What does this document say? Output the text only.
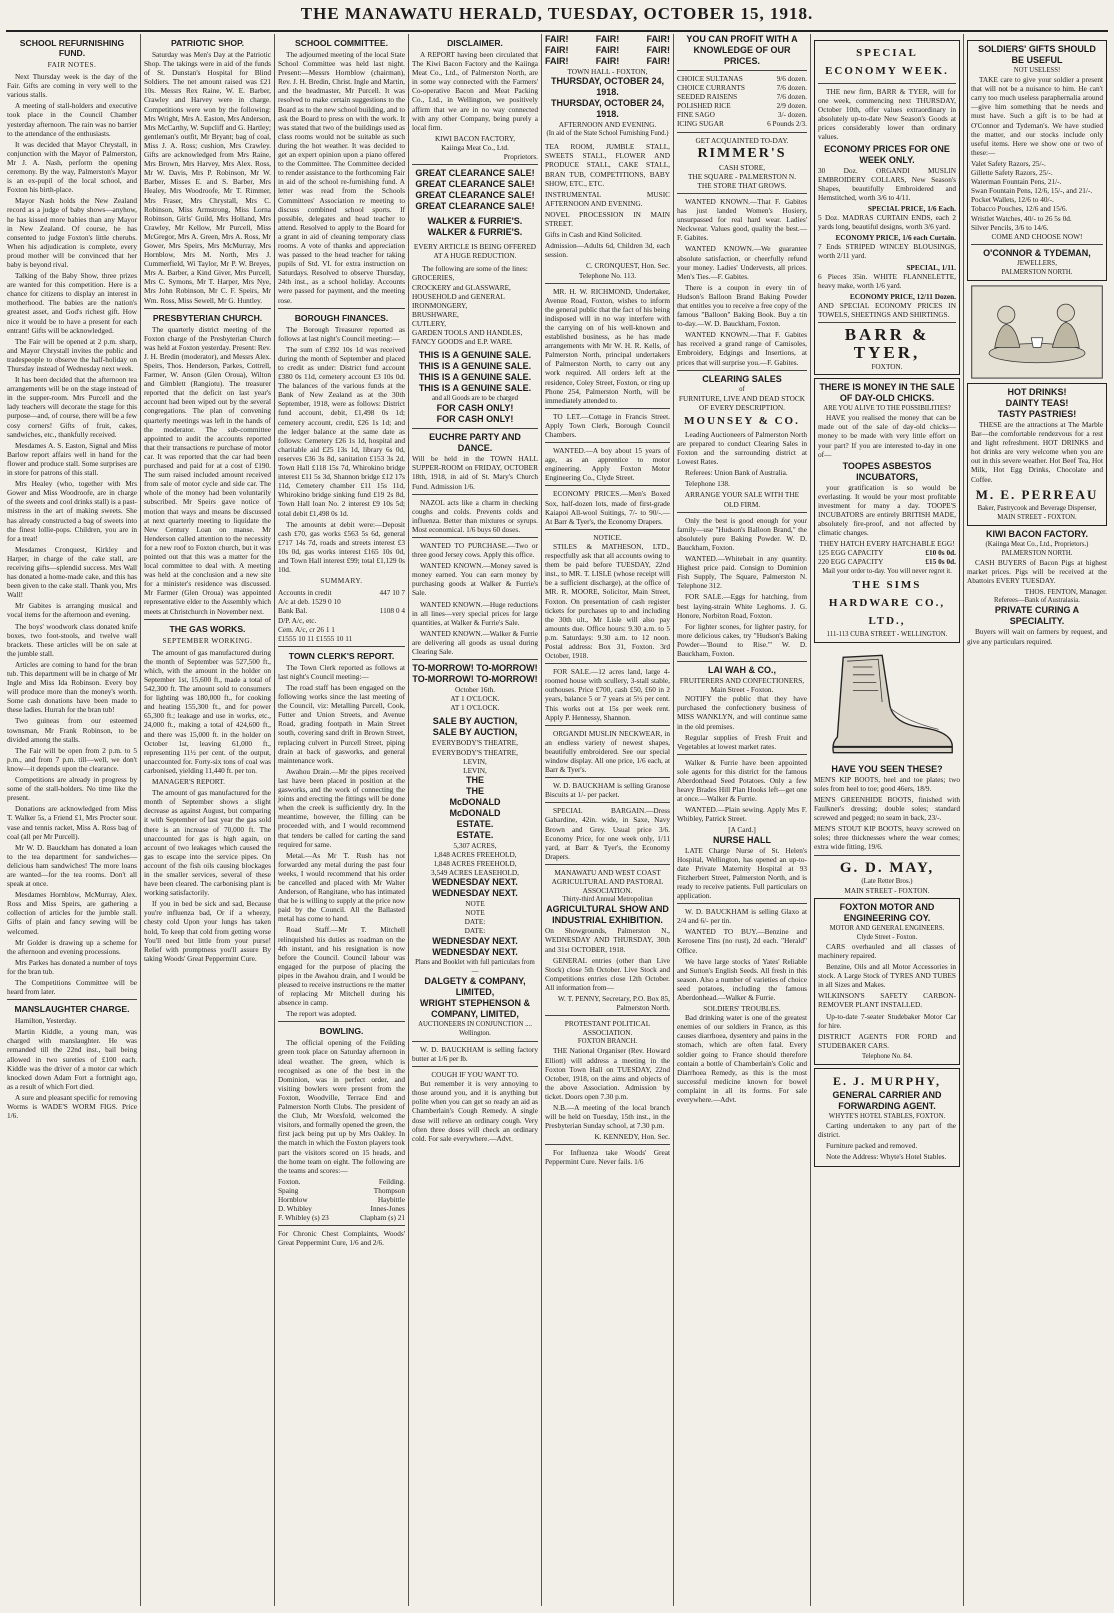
THE MANAWATU HERALD, TUESDAY, OCTOBER 15, 1918.
SCHOOL REFURNISHING FUND.
FAIR NOTES.

Next Thursday week is the day of the Fair. Gifts are coming in very well to the various stalls.

A meeting of stall-holders and executive took place in the Council Chamber yesterday afternoon. The rain was no barrier to the attendance of the enthusiasts.

It was decided that Mayor Chrystall, in conjunction with the Mayor of Palmerston, Mr J. A. Nash, perform the opening ceremony. By the way, Palmerston's Mayor is an ex-pupil of the local school, and Foxton his birth-place.

Mayor Nash holds the New Zealand record as a judge of baby shows—anyhow, he has kissed more babies than any Mayor in New Zealand. Of course, he has consented to judge Foxton's little cherubs. When his adjudication is complete, every proud mother will be convinced that her baby is beyond rival.

Talking of the Baby Show, three prizes are wanted for this competition. Here is a chance for citizens to display an interest in motherhood. The babies are the nation's greatest asset, and God's richest gift. How nice it would be to have a present for each entrant! Gifts will be acknowledged.

The Fair will be opened at 2 p.m. sharp, and Mayor Chrystall invites the public and tradespeople to observe the half-holiday on Thursday instead of Wednesday next week.

It has been decided that the afternoon tea arrangements will be on the stage instead of in the supper-room. Mrs Purcell and the lady teachers will decorate the stage for this purpose—and, of course, there will be a few cosy corners! Gifts of fruit, cakes, sandwiches, etc., thankfully received.

Mesdames A. S. Easton, Signal and Miss Barlow report affairs well in hand for the flower and produce stall. Some surprises are in store for patrons of this stall.

Mrs Healey (who, together with Mrs Gower and Miss Woodroofe, are in charge of the sweets and cool drinks stall) is a past-mistress in the art of making sweets. She has already constructed a bag of sweets into the finest lollie-pops. Children, you are in for a treat!

Mesdames Cronquest, Kirkley and Harper, in charge of the cake stall, are receiving gifts—splendid success. Mrs Wall has donated a home-made cake, and this has been given to the cake stall. Thank you, Mrs Wall!

Mr Gabites is arranging musical and vocal items for the afternoon and evening.

The boys' woodwork class donated knife boxes, two foot-stools, and twelve wall brackets. These articles will be on sale at the jumble stall.

Articles are coming to hand for the bran tub. This department will be in charge of Mr Ingle and Miss Ida Robinson. Every boy will produce more than the money's worth. Some cash donations have been made to these ladies. Hurrah for the bran tub!

Two guineas from our esteemed townsman, Mr Frank Robinson, to be divided among the stalls.

The Fair will be open from 2 p.m. to 5 p.m., and from 7 p.m. till—well, we don't know—it depends upon the clearance.

Competitions are already in progress by some of the stall-holders. No time like the present.

Donations are acknowledged from Miss T. Walker 5s, a Friend £1, Mrs Procter sour. vase and tennis racket, Miss A. Ross bag of coal (all per Mr Purcell).

Mr W. D. Bauckham has donated a loan to the tea department for sandwiches—delicious ham sandwiches! The more loans are wanted—for the tea rooms. Don't all speak at once.

Mesdames Hornblow, McMurray, Alex. Ross and Miss Speirs, are gathering a collection of articles for the jumble stall. Gifts of plain and fancy sewing will be welcomed.

Mr Golder is drawing up a scheme for the afternoon and evening processions.

Mrs Parkes has donated a number of toys for the bran tub.

The Competitions Committee will be heard from later.

MANSLAUGHTER CHARGE.

Hamilton, Yesterday.

Martin Kiddle, a young man, was charged with manslaughter. He was remanded till the 22nd inst., bail being allowed in two sureties of £100 each. Kiddle was the driver of a motor car which knocked down Adam Fort a fortnight ago, as a result of which Fort died.

A sure and pleasant specific for removing Worms is WADE'S WORM FIGS. Price 1/6.

PATRIOTIC SHOP.

Saturday was Men's Day at the Patriotic Shop. The takings were in aid of the funds of St. Dunstan's Hospital for Blind Soldiers. The net amount raised was £21 10s. Messrs Rex Raine, W. E. Barber, Crawley and Harvey were in charge. Competitions were won by the following: Mrs Wright, Mrs A. Easton, Mrs Anderson, Mrs McCarthy, W. Supcliff and G. Hartley; gentleman's outfit, Mr Bryant; bag of coal, Miss J. A. Ross; cushion, Mrs Crawley. Gifts are acknowledged from Mrs Raine, Mrs Brown, Mrs Harvey, Mrs Alex. Ross, Mr W. Davis, Mrs P. Robinson, Mr W. Barber, Misses E. and S. Barber, Mrs Healey, Mrs Woodroofe, Mr T. Rimmer, Mrs Fraser, Mrs Chrystall, Mrs C. Robinson, Miss Armstrong, Miss Lorna Robinson, Girls' Guild, Mrs Holland, Mrs Crawley, Mr Kellow, Mr Purcell, Miss McGregor, Mrs A. Green, Mrs A. Ross, Mr Gower, Mrs Speirs, Mrs McMurray, Mrs Hornblow, Mrs M. North, Mrs J. Cummerfield, Wi Taylor, Mr P. W. Breyes, Mrs A. Barber, a Kind Giver, Mrs Purcell, Mrs C. Symons, Mr T. Harper, Mrs Nye, Mrs John Robinson, Mr C. F. Speirs, Mr Wm. Ross, Miss Sewell, Mr G. Huntley.

PRESBYTERIAN CHURCH.

The quarterly district meeting of the Foxton charge of the Presbyterian Church was held at Foxton yesterday. Present: Rev. J. H. Bredin (moderator), and Messrs Alex. Speirs, Thos. Henderson, Parkes, Cottrell, Farmer, W. Anson (Glen Oroua), Wilton and Gimblett (Rangiotu). The treasurer reported that the deficit on last year's account had been wiped out by the several congregations. The plan of convening quarterly meetings was left in the hands of the moderator. The sub-committee appointed to audit the accounts reported that their transactions re purchase of motor car. It was reported that the car had been purchased and paid for at a cost of £190. The sum raised included amount received from sale of motor cycle and side car. The whole of the money had been voluntarily subscribed. Mr Speirs gave notice of motion that ways and means be discussed at next quarterly meeting to liquidate the New Century Loan on manse. Mr Henderson called attention to the necessity for a new roof to Foxton church, but it was pointed out that this was a matter for the local committee to deal with. A meeting was held at the conclusion and a new site for a minister's residence was discussed. Mr Farmer (Glen Oroua) was appointed representative elder to the Assembly which meets at Christchurch in November next.

THE GAS WORKS.
SEPTEMBER WORKING.

The amount of gas manufactured during the month of September was 527,500 ft., which, with the amount in the holder on September 1st, 15,600 ft., made a total of 542,300 ft. The amount sold to consumers for lighting was 180,000 ft., for cooking and heating 155,300 ft., and for power 65,300 ft.; leakage and use in works, etc., 24,000 ft., making a total of 424,600 ft., and there was 15,000 ft. in the holder on October 1st, leaving 61,000 ft., representing 11½ per cent. of the output, unaccounted for. Forty-six tons of coal was carbonised, yielding 11,440 ft. per ton.

MANAGER'S REPORT.

The amount of gas manufactured for the month of September shows a slight decrease as against August, but comparing it with September of last year the gas sold there is an increase of 70,000 ft. The unaccounted for gas is high again, on account of two leakages which caused the gas to escape into the service pipes. On account of the fish oils causing blockages in the smaller services, several of these have been cleared. The carbonising plant is working satisfactorily.

If you in bed be sick and sad, Because you're influenza bad, Or if a wheezy, chesty cold Upon your lungs has taken hold, To keep that cold from getting worse You'll need but little from your purse! Relief with promptness you'll assure By taking Woods' Great Peppermint Cure.

SCHOOL COMMITTEE.

The adjourned meeting of the local State School Committee was held last night. Present:—Messrs Hornblow (chairman), Rev. J. H. Bredin, Christ. Ingle and Martin, and the headmaster, Mr Purcell. It was resolved to make certain suggestions to the Board as to the new school building, and to ask the Board to press on with the work. It was stated that two of the buildings used as class rooms would not be suitable as such during the hot weather. It was decided to get an expert opinion upon a piano offered to the Committee. The Committee decided to render assistance to the forthcoming Fair in aid of the school re-furnishing fund. A letter was read from the Schools Committees' Association re meeting to discuss combined school sports. If possible, delegates and head teacher to attend. Resolved to apply to the Board for a grant in aid of cleaning temporary class rooms. A vote of thanks and appreciation was passed to the head teacher for taking pupils of Std. VI. for extra instruction on Saturdays. Resolved to observe Thursday, 24th inst., as a school holiday. Accounts were passed for payment, and the meeting rose.

BOROUGH FINANCES.

The Borough Treasurer reported as follows at last night's Council meeting:—

The sum of £392 10s 1d was received during the month of September and placed to credit as under: District fund account £380 0s 11d, cemetery account £3 10s 0d. The balances of the various funds at the Bank of New Zealand as at the 30th September, 1918, were as follows: District fund account, debit, £1,498 0s 1d; cemetery account, credit, £26 1s 1d; and the ledger balance at the same date as follows: Cemetery £26 1s 1d, hospital and charitable aid £25 13s 1d, library 6s 0d, reserves £36 3s 8d, sanitation £153 3s 2d, Town Hall £118 15s 7d, Whirokino bridge interest £11 5s 3d, Shannon bridge £12 17s 11d, Cemetery chamber £11 15s 11d, Whirokino bridge sinking fund £19 2s 8d, Town Hall loan No. 2 interest £9 10s 5d; total debit £1,498 0s 1d.

The amounts at debit were:—Deposit cash £70, gas works £563 5s 6d, general £717 14s 7d, roads and streets interest £3 10s 0d, gas works interest £165 10s 0d, and Town Hall interest £99; total £1,129 0s 10d.

SUMMARY.
Accounts in credit	447 10 7
A/c at deb. 1529 0 10
Bank Bal.	1108 0 4
D/P. A/c, etc.
Cem. A/c, cr 26 1 1
£1555 10 11 £1555 10 11
TOWN CLERK'S REPORT.

The Town Clerk reported as follows at last night's Council meeting:—

The road staff has been engaged on the following works since the last meeting of the Council, viz: Metalling Purcell, Cook, Futter and Union Streets, and Avenue Road, grading footpath in Main Street south, covering sand drift in Brown Street, replacing culvert in Purcell Street, piping drain at back of gasworks, and general maintenance work.

Awahou Drain.—Mr the pipes received last have been placed in position at the gasworks, and the work of connecting the joints and erecting the fittings will be done when the creek is sufficiently dry. In the meantime, however, the filling can be proceeded with, and I would recommend that tenders be called for carting the sand required for same.

Metal.—As Mr T. Rush has not forwarded any metal during the past four weeks, I would recommend that his order be cancelled and placed with Mr Walter Anderson, of Rangitane, who has intimated that he is willing to supply at the price now paid by the Council. All the Ballasted metal has come to hand.

Road Staff.—Mr T. Mitchell relinquished his duties as roadman on the 4th instant, and his resignation is now before the Council. Council labour was engaged for the purpose of placing the pipes in the Awahou drain, and I would be pleased to receive instructions re the matter of replacing Mr Mitchell during his absence in camp.

The report was adopted.

BOWLING.

The official opening of the Feilding green took place on Saturday afternoon in ideal weather. The green, which is recognised as one of the best in the Dominion, was in perfect order, and visiting bowlers were present from the Foxton, Woodville, Terrace End and Palmerston North Clubs. The president of the Club, Mr Worsfold, welcomed the visitors, and formally opened the green, the first jack being put up by Mrs Oakley. In the match in which the Foxton players took part the visitors scored on 15 heads, and the home team on eight. The following are the teams and scores:—

Foxton.	Feilding.
Spaing	Thompson
Hornblow	Haybittle
D. Whibley	Innes-Jones
F. Whibley (s) 23	Clapham (s) 21

For Chronic Chest Complaints, Woods' Great Peppermint Cure, 1/6 and 2/6.

DISCLAIMER.

A REPORT having been circulated that The Kiwi Bacon Factory and the Kaiinga Meat Co., Ltd., of Palmerston North, are in some way connected with the Farmers' Co-operative Bacon and Meat Packing Co., Ltd., in Wellington, we positively affirm that we are in no way connected with any other Company, being purely a local firm.

KIWI BACON FACTORY,
Kaiinga Meat Co., Ltd.
Proprietors.
GREAT CLEARANCE SALE!
GREAT CLEARANCE SALE!
GREAT CLEARANCE SALE!
GREAT CLEARANCE SALE!
WALKER & FURRIE'S.
WALKER & FURRIE'S.
EVERY ARTICLE IS BEING OFFERED AT A HUGE REDUCTION.
The following are some of the lines:
GROCERIES,
CROCKERY and GLASSWARE,
HOUSEHOLD and GENERAL IRONMONGERY,
BRUSHWARE,
CUTLERY,
GARDEN TOOLS AND HANDLES,
FANCY GOODS and E.P. WARE.
THIS IS A GENUINE SALE.
THIS IS A GENUINE SALE.
THIS IS A GENUINE SALE.
THIS IS A GENUINE SALE.
and all Goods are to be charged
FOR CASH ONLY!
FOR CASH ONLY!
EUCHRE PARTY AND DANCE.

Will be held in the TOWN HALL SUPPER-ROOM on FRIDAY, OCTOBER 18th, 1918, in aid of St. Mary's Church Fund. Admission 1/6.

NAZOL acts like a charm in checking coughs and colds. Prevents colds and influenza. Better than mixtures or syrups. Most economical. 1/6 buys 60 doses.

WANTED TO PURCHASE.—Two or three good Jersey cows. Apply this office.

WANTED KNOWN.—Money saved is money earned. You can earn money by purchasing goods at Walker & Furrie's Sale.

WANTED KNOWN.—Huge reductions in all lines—very special prices for large quantities, at Walker & Furrie's Sale.

WANTED KNOWN.—Walker & Furrie are delivering all goods as usual during Clearing Sale.

TO-MORROW! TO-MORROW!
TO-MORROW! TO-MORROW!
October 16th.
AT 1 O'CLOCK.
AT 1 O'CLOCK.
SALE BY AUCTION,
SALE BY AUCTION,
EVERYBODY'S THEATRE,
EVERYBODY'S THEATRE,
LEVIN,
LEVIN,
THE
THE
McDONALD
McDONALD
ESTATE.
ESTATE.
5,307 ACRES,
1,848 ACRES FREEHOLD,
1,848 ACRES FREEHOLD,
3,549 ACRES LEASEHOLD,
WEDNESDAY NEXT.
WEDNESDAY NEXT.
NOTE
NOTE
DATE:
DATE:
WEDNESDAY NEXT.
WEDNESDAY NEXT.
Plans and Booklet with full particulars from—
DALGETY & COMPANY, LIMITED,
WRIGHT STEPHENSON & COMPANY, LIMITED,
AUCTIONEERS IN CONJUNCTION .... Wellington.

W. D. BAUCKHAM is selling factory butter at 1/6 per lb.

COUGH IF YOU WANT TO.

But remember it is very annoying to those around you, and it is anything but polite when you can get so ready an aid as Chamberlain's Cough Remedy. A single dose will relieve an ordinary cough. Very often three doses will check an ordinary cold. For sale everywhere.—Advt.

FAIR!	FAIR!	FAIR!
FAIR!	FAIR!	FAIR!
FAIR!	FAIR!	FAIR!
TOWN HALL - FOXTON,
THURSDAY, OCTOBER 24, 1918.
THURSDAY, OCTOBER 24, 1918.
AFTERNOON AND EVENING.
(In aid of the State School Furnishing Fund.)

TEA ROOM, JUMBLE STALL, SWEETS STALL, FLOWER AND PRODUCE STALL, CAKE STALL, BRAN TUB, COMPETITIONS, BABY SHOW, ETC., ETC.

INSTRUMENTAL MUSIC AFTERNOON AND EVENING.

NOVEL PROCESSION IN MAIN STREET.

Gifts in Cash and Kind Solicited.

Admission—Adults 6d, Children 3d, each session.

C. CRONQUEST, Hon. Sec.
Telephone No. 113.

MR. H. W. RICHMOND, Undertaker, Avenue Road, Foxton, wishes to inform the general public that the fact of his being indisposed will in no way interfere with the carrying on of his well-known and established business, as he has made arrangements with Mr W. H. R. Kells, of Palmerston North, principal undertakers of Palmerston North, to carry out any work required. All orders left at the residence, Coley Street, Foxton, or ring up Phone 254, Palmerston North, will be immediately attended to.

TO LET.—Cottage in Francis Street. Apply Town Clerk, Borough Council Chambers.

WANTED.—A boy about 15 years of age, as an apprentice to motor engineering. Apply Foxton Motor Engineering Co., Clyde Street.

ECONOMY PRICES.—Men's Boxed Sox, half-dozen lots, made of first-grade Kaiapoi All-wool Suitings, 7/- to 90/-.—At Barr & Tyer's, the Economy Drapers.

NOTICE.

STILES & MATHESON, LTD., respectfully ask that all accounts owing to them be paid before TUESDAY, 22nd inst., to MR. T. LISLE (whose receipt will be a sufficient discharge), at the office of MR. R. MOORE, Solicitor, Main Street, Foxton. On presentation of cash register tickets for purchases up to and including the 30th ult., Mr Lisle will also pay amounts due. Office hours: 9.30 a.m. to 5 p.m. Saturdays: 9.30 a.m. to 12 noon. Postal address: Box 31, Foxton. 3rd October, 1918.

FOR SALE.—12 acres land, large 4-roomed house with scullery, 3-stall stable, outhouses. Price £700, cash £50, £60 in 2 years, balance 5 or 7 years at 5½ per cent. This works out at 15s per week rent. Apply P. Hennessy, Shannon.

ORGANDI MUSLIN NECKWEAR, in an endless variety of newest shapes, beautifully embroidered. See our special window display. All one price, 1/6 each, at Barr & Tyer's.

W. D. BAUCKHAM is selling Granose Biscuits at 1/- per packet.

SPECIAL BARGAIN.—Dress Gabardine, 42in. wide, in Saxe, Navy Brown and Grey. Usual price 3/6. Economy Price, for one week only, 1/11 yard, at Barr & Tyer's, the Economy Drapers.

MANAWATU AND WEST COAST AGRICULTURAL AND PASTORAL ASSOCIATION.
Thirty-third Annual Metropolitan
AGRICULTURAL SHOW AND INDUSTRIAL EXHIBITION.

On Showgrounds, Palmerston N., WEDNESDAY AND THURSDAY, 30th and 31st OCTOBER, 1918.

GENERAL entries (other than Live Stock) close 5th October. Live Stock and Competitions entries close 12th October. All information from—

W. T. PENNY, Secretary, P.O. Box 85, Palmerston North.
PROTESTANT POLITICAL ASSOCIATION.
FOXTON BRANCH.

THE National Organiser (Rev. Howard Elliott) will address a meeting in the Foxton Town Hall on TUESDAY, 22nd October, 1918, on the aims and objects of the above Association. Admission by ticket. Doors open 7.30 p.m.

N.B.—A meeting of the local branch will be held on Tuesday, 15th inst., in the Presbyterian Sunday school, at 7.30 p.m.

K. KENNEDY, Hon. Sec.

For Influenza take Woods' Great Peppermint Cure. Never fails. 1/6

YOU CAN PROFIT WITH A KNOWLEDGE OF OUR PRICES.
CHOICE SULTANAS	9/6 dozen.
CHOICE CURRANTS	7/6 dozen.
SEEDED RAISENS	7/6 dozen.
POLISHED RICE	2/9 dozen.
FINE SAGO	3/- dozen.
ICING SUGAR	6 Pounds 2/3.
GET ACQUAINTED TO-DAY.
RIMMER'S
CASH STORE,
THE SQUARE - PALMERSTON N.
THE STORE THAT GROWS.

WANTED KNOWN.—That F. Gabites has just landed Women's Hosiery, unsurpassed for real hard wear. Ladies' Neckwear. Values good, quality the best.—F. Gabites.

WANTED KNOWN.—We guarantee absolute satisfaction, or cheerfully refund your money. Ladies' Undervests, all prices. Men's Ties.—F. Gabites.

There is a coupon in every tin of Hudson's Balloon Brand Baking Powder that entitles you to receive a free copy of the famous "Balloon" Baking Book. Buy a tin to-day.—W. D. Bauckham, Foxton.

WANTED KNOWN.—That F. Gabites has received a grand range of Camisoles, Embroidery, Edgings and Insertions, at prices that will surprise you.—F. Gabites.

CLEARING SALES
of
FURNITURE, LIVE AND DEAD STOCK OF EVERY DESCRIPTION.
MOUNSEY & CO.

Leading Auctioneers of Palmerston North are prepared to conduct Clearing Sales in Foxton and the surrounding district at Lowest Rates.

Referees: Union Bank of Australia.

Telephone 138.

ARRANGE YOUR SALE WITH THE OLD FIRM.

Only the best is good enough for your family—use "Hudson's Balloon Brand," the absolutely pure Baking Powder. W. D. Bauckham, Foxton.

WANTED.—Whitebait in any quantity. Highest price paid. Consign to Dominion Fish Supply, The Square, Palmerston N. Telephone 312.

FOR SALE.—Eggs for hatching, from best laying-strain White Leghorns. J. G. Honore, Norbiton Road, Foxton.

For lighter scones, for lighter pastry, for more delicious cakes, try "Hudson's Baking Powder—'Bound to Rise.'" W. D. Bauckham, Foxton.

LAI WAH & CO.,
FRUITERERS AND CONFECTIONERS,
Main Street - Foxton.

NOTIFY the public that they have purchased the confectionery business of MISS WANKLYN, and will continue same in the old premises.

Regular supplies of Fresh Fruit and Vegetables at lowest market rates.

Walker & Furrie have been appointed sole agents for this district for the famous Aberdonhead Seed Potatoes. Only a few heavy Brades Hill Plan Hooks left—get one at once.—Walker & Furrie.

WANTED.—Plain sewing. Apply Mrs F. Whibley, Patrick Street.

[A Card.]
NURSE HALL

LATE Charge Nurse of St. Helen's Hospital, Wellington, has opened an up-to-date Private Maternity Hospital at 93 Fitzherbert Street, Palmerston North, and is ready to receive patients. Full particulars on application.

W. D. BAUCKHAM is selling Glaxo at 2/4 and 6/- per tin.

WANTED TO BUY.—Benzine and Kerosene Tins (no rust), 2d each. "Herald" Office.

We have large stocks of Yates' Reliable and Sutton's English Seeds. All fresh in this season. Also a number of varieties of choice seed potatoes, including the famous Aberdonhead.—Walker & Furrie.

SOLDIERS' TROUBLES.

Bad drinking water is one of the greatest enemies of our soldiers in France, as this causes diarrhoea, dysentery and pains in the stomach, which are often fatal. Every soldier going to France should therefore contain a bottle of Chamberlain's Colic and Diarrhoea Remedy, as this is the most successful medicine known for bowel complaint in all its forms. For sale everywhere.—Advt.

SPECIAL ECONOMY WEEK.

THE new firm, BARR & TYER, will for one week, commencing next THURSDAY, October 10th, offer values extraordinary in absolutely up-to-date New Season's Goods at prices considerably lower than ordinary values.

ECONOMY PRICES FOR ONE WEEK ONLY.

30 Doz. ORGANDI MUSLIN EMBROIDERY COLLARS, New Season's Shapes, beautifully Embroidered and Hemstitched, worth 3/6 to 4/11.

SPECIAL PRICE, 1/6 Each.

5 Doz. MADRAS CURTAIN ENDS, each 2 yards long, beautiful designs, worth 3/6 yard.

ECONOMY PRICE, 1/6 each Curtain.

7 Ends STRIPED WINCEY BLOUSINGS, worth 2/11 yard.

SPECIAL, 1/11.

6 Pieces 35in. WHITE FLANNELETTE, heavy make, worth 1/6 yard.

ECONOMY PRICE, 12/11 Dozen.

AND SPECIAL ECONOMY PRICES IN TOWELS, SHEETINGS AND SHIRTINGS.

BARR & TYER,
FOXTON.
THERE IS MONEY IN THE SALE OF DAY-OLD CHICKS.
ARE YOU ALIVE TO THE POSSIBILITIES?

HAVE you realised the money that can be made out of the sale of day-old chicks—money to be made with very little effort on your part? If you are interested to-day in one of—

TOOPES ASBESTOS INCUBATORS,

your gratification is so would be everlasting. It would be your most profitable investment for many a day. TOOPE'S INCUBATORS are entirely BRITISH MADE, absolutely fire-proof, and not affected by climatic changes.

THEY HATCH EVERY HATCHABLE EGG!
125 EGG CAPACITY	£10 0s 0d.
220 EGG CAPACITY	£15 0s 0d.
Mail your order to-day. You will never regret it.
THE SIMS HARDWARE CO., LTD.,
111-113 CUBA STREET - WELLINGTON.
HAVE YOU SEEN THESE?

MEN'S KIP BOOTS, heel and toe plates; two soles from heel to toe; good 46ers, 18/9.

MEN'S GREENHIDE BOOTS, finished with Faulkner's dressing; double soles; standard screwed and pegged; no seam in back, 23/-.

MEN'S STOUT KIP BOOTS, heavy screwed on soles; three thicknesses where the wear comes; extra wide fitting, 19/6.

G. D. MAY,
(Late Retter Bros.)
MAIN STREET - FOXTON.
FOXTON MOTOR AND ENGINEERING COY.
MOTOR AND GENERAL ENGINEERS.
Clyde Street - Foxton.

CARS overhauled and all classes of machinery repaired.

Benzine, Oils and all Motor Accessories in stock. A Large Stock of TYRES AND TUBES in all Sizes and Makes.

WILKINSON'S SAFETY CARBON-REMOVER PLANT INSTALLED.

Up-to-date 7-seater Studebaker Motor Car for hire.

DISTRICT AGENTS FOR FORD and STUDEBAKER CARS.

Telephone No. 84.
E. J. MURPHY,
GENERAL CARRIER AND FORWARDING AGENT.
WHYTE'S HOTEL STABLES, FOXTON.

Carting undertaken to any part of the district.

Furniture packed and removed.

Note the Address: Whyte's Hotel Stables.

SOLDIERS' GIFTS SHOULD BE USEFUL
NOT USELESS!

TAKE care to give your soldier a present that will not be a nuisance to him. He can't carry too much useless paraphernalia around—give him something that he needs and must have. Such a gift is to be had at O'Connor and Tydeman's. We have studied the matter, and our stocks include only useful items. Here we show one or two of these:—

Valet Safety Razors, 25/-.
Gillette Safety Razors, 25/-.
Waterman Fountain Pens, 21/-.
Swan Fountain Pens, 12/6, 15/-, and 21/-.
Pocket Wallets, 12/6 to 40/-.
Tobacco Pouches, 12/6 and 15/6.
Wristlet Watches, 40/- to 26 5s 0d.
Silver Pencils, 3/6 to 14/6.
COME AND CHOOSE NOW!
O'CONNOR & TYDEMAN,
JEWELLERS,
PALMERSTON NORTH.
HOT DRINKS!
DAINTY TEAS!
TASTY PASTRIES!

THESE are the attractions at The Marble Bar—the comfortable rendezvous for a rest and light refreshment. HOT DRINKS and hot drinks are very welcome when you are out in this severe weather. Hot Beef Tea, Hot Milk, Hot Egg Drinks, Chocolate and Coffee.

M. E. PERREAU
Baker, Pastrycook and Beverage Dispenser,
MAIN STREET - FOXTON.
KIWI BACON FACTORY.
(Kaiinga Meat Co., Ltd., Proprietors.)
PALMERSTON NORTH.

CASH BUYERS of Bacon Pigs at highest market prices. Pigs will be received at the Abattoirs EVERY TUESDAY.

THOS. FENTON, Manager.
Referees—Bank of Australasia.
PRIVATE CURING A SPECIALITY.

Buyers will wait on farmers by request, and give any particulars required.
